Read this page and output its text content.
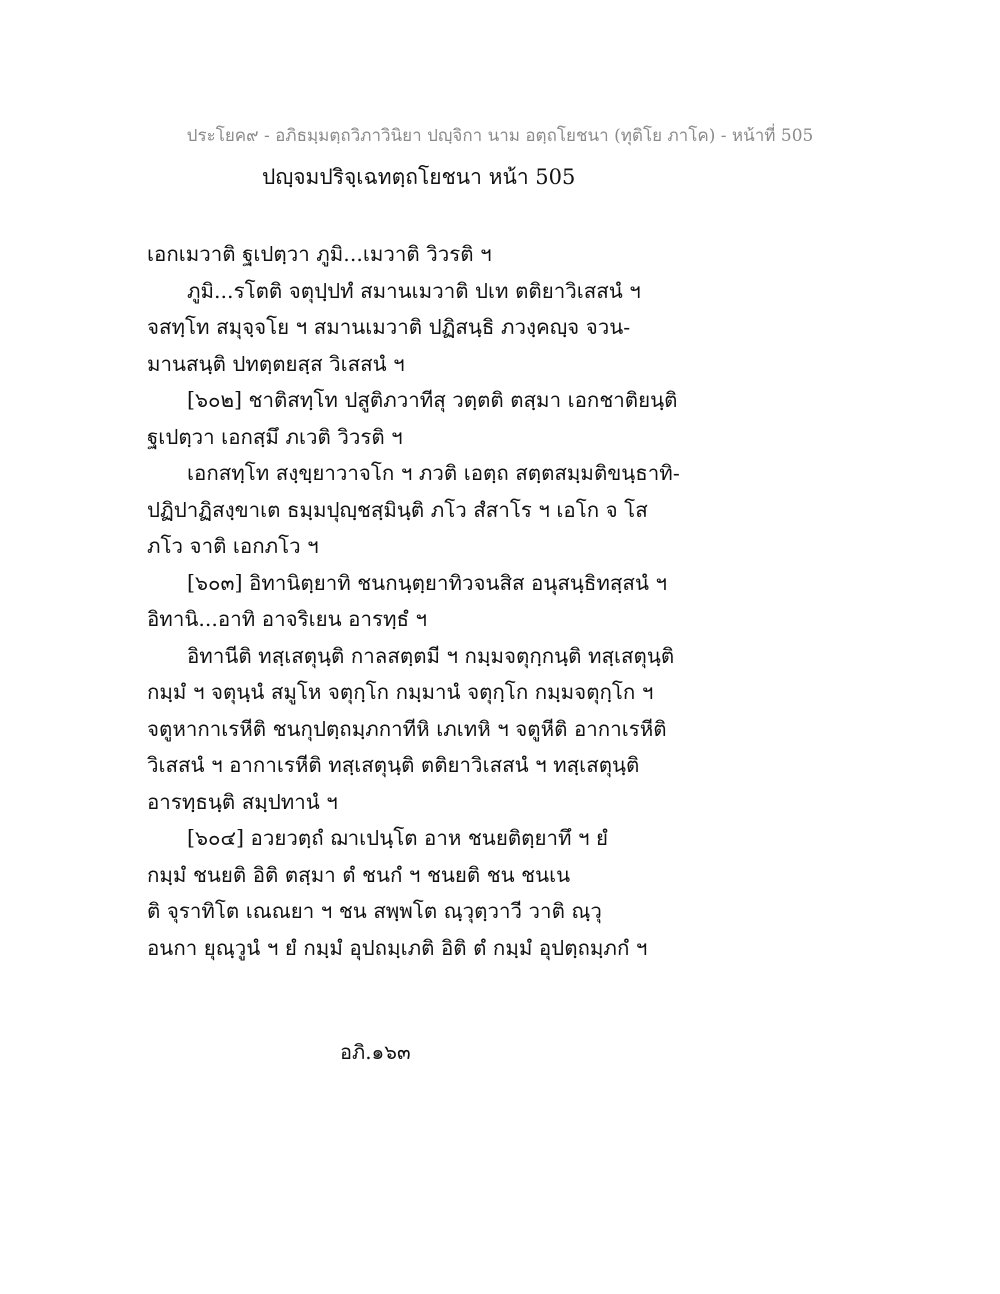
ประโยค๙ - อภิธมฺมตฺถวิภาวินิยา ปญฺจิกา นาม อตฺถโยชนา (ทุติโย ภาโค) - หน้าที่ 505
ปญฺจมปริจฺเฉทตฺถโยชนา หน้า 505
เอกเมวาติ ฐเปตฺวา ภูมิ...เมวาติ วิวรติ ฯ
ภูมิ...รโตติ จตุปฺปทํ สมานเมวาติ ปเท ตติยาวิเสสนํ ฯ
จสทฺโท สมุจฺจโย ฯ สมานเมวาติ ปฏิสนฺธิ ภวงฺคญฺจ จวน-
มานสนฺติ ปทตฺตยสฺส วิเสสนํ ฯ
[๖๐๒] ชาติสทฺโท ปสูติภวาทีสุ วตฺตติ ตสฺมา เอกชาติยนฺติ
ฐเปตฺวา เอกสฺมึ ภเวติ วิวรติ ฯ
เอกสทฺโท สงฺขฺยาวาจโก ฯ ภวติ เอตฺถ สตฺตสมฺมติขนฺธาทิ-
ปฏิปาฏิสงฺขาเต ธมฺมปุญฺชสฺมินฺติ ภโว สํสาโร ฯ เอโก จ โส
ภโว จาติ เอกภโว ฯ
[๖๐๓] อิทานิตฺยาทิ ชนกนฺตฺยาทิวจนสิส อนุสนฺธิทสฺสนํ ฯ
อิทานิ...อาทิ อาจริเยน อารทฺธํ ฯ
อิทานีติ ทสฺเสตุนฺติ กาลสตฺตมี ฯ กมฺมจตุกฺกนฺติ ทสฺเสตุนฺติ
กมฺมํ ฯ จตุนฺนํ สมูโห จตุกฺโก กมฺมานํ จตุกฺโก กมฺมจตุกฺโก ฯ
จตูหากาเรหีติ ชนกุปตฺถมฺภกาทีหิ เภเทหิ ฯ จตูหีติ อากาเรหีติ
วิเสสนํ ฯ อากาเรหีติ ทสฺเสตุนฺติ ตติยาวิเสสนํ ฯ ทสฺเสตุนฺติ
อารทฺธนฺติ สมฺปทานํ ฯ
[๖๐๔] อวยวตฺถํ ฌาเปนฺโต อาห ชนยติตฺยาทึ ฯ ยํ
กมฺมํ ชนยติ อิติ ตสฺมา ตํ ชนกํ ฯ ชนยติ ชน ชนเน
ติ จุราทิโต เณณยา ฯ ชน สพฺพโต ณฺวุตฺวาวี วาติ ณฺวุ
อนกา ยุณฺวูนํ ฯ ยํ กมฺมํ อุปถมฺเภติ อิติ ตํ กมฺมํ อุปตฺถมฺภกํ ฯ
อภิ.๑๖๓
